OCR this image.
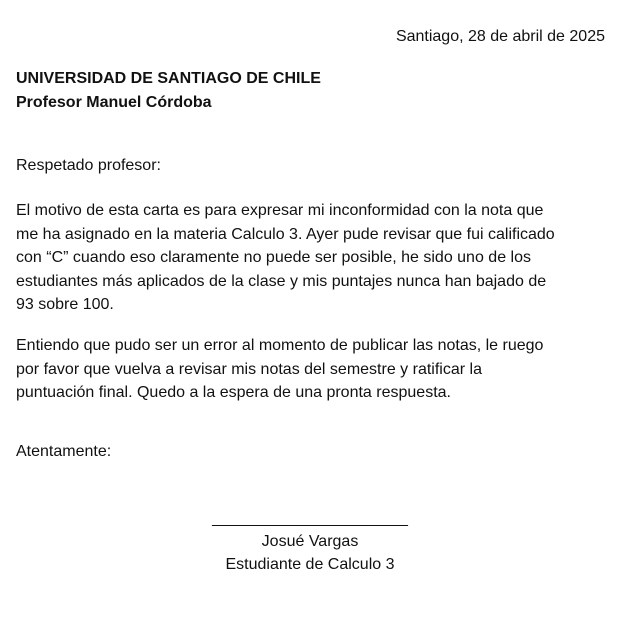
Santiago, 28 de abril de 2025
UNIVERSIDAD DE SANTIAGO DE CHILE
Profesor Manuel Córdoba
Respetado profesor:
El motivo de esta carta es para expresar mi inconformidad con la nota que
me ha asignado en la materia Calculo 3. Ayer pude revisar que fui calificado
con “C” cuando eso claramente no puede ser posible, he sido uno de los
estudiantes más aplicados de la clase y mis puntajes nunca han bajado de
93 sobre 100.
Entiendo que pudo ser un error al momento de publicar las notas, le ruego
por favor que vuelva a revisar mis notas del semestre y ratificar la
puntuación final. Quedo a la espera de una pronta respuesta.
Atentamente:
______________________
Josué Vargas
Estudiante de Calculo 3
